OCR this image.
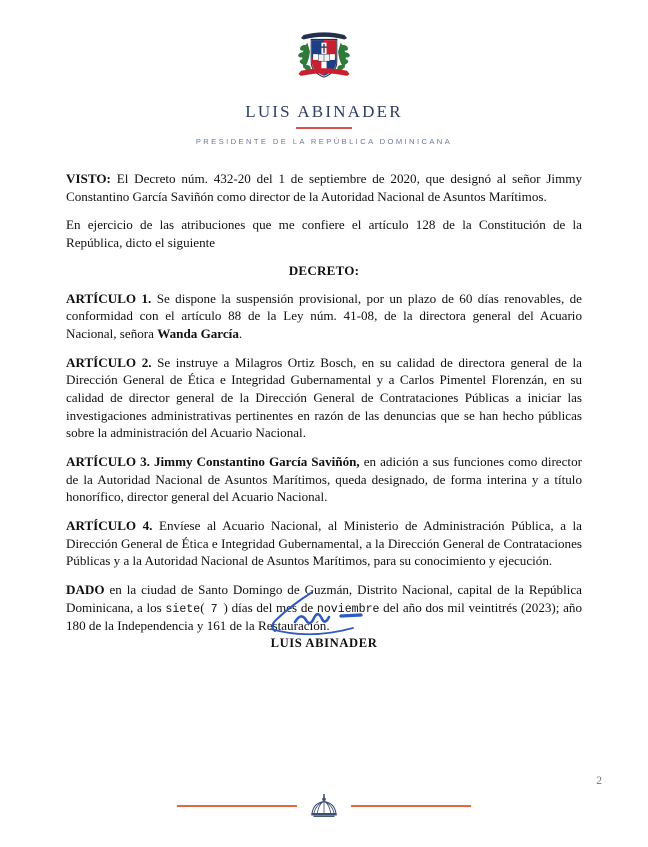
LUIS ABINADER
PRESIDENTE DE LA REPÚBLICA DOMINICANA

VISTO: El Decreto núm. 432-20 del 1 de septiembre de 2020, que designó al señor Jimmy Constantino García Saviñón como director de la Autoridad Nacional de Asuntos Marítimos.

En ejercicio de las atribuciones que me confiere el artículo 128 de la Constitución de la República, dicto el siguiente

DECRETO:

ARTÍCULO 1. Se dispone la suspensión provisional, por un plazo de 60 días renovables, de conformidad con el artículo 88 de la Ley núm. 41-08, de la directora general del Acuario Nacional, señora Wanda García.

ARTÍCULO 2. Se instruye a Milagros Ortiz Bosch, en su calidad de directora general de la Dirección General de Ética e Integridad Gubernamental y a Carlos Pimentel Florenzán, en su calidad de director general de la Dirección General de Contrataciones Públicas a iniciar las investigaciones administrativas pertinentes en razón de las denuncias que se han hecho públicas sobre la administración del Acuario Nacional.

ARTÍCULO 3. Jimmy Constantino García Saviñón, en adición a sus funciones como director de la Autoridad Nacional de Asuntos Marítimos, queda designado, de forma interina y a título honorífico, director general del Acuario Nacional.

ARTÍCULO 4. Envíese al Acuario Nacional, al Ministerio de Administración Pública, a la Dirección General de Ética e Integridad Gubernamental, a la Dirección General de Contrataciones Públicas y a la Autoridad Nacional de Asuntos Marítimos, para su conocimiento y ejecución.

DADO en la ciudad de Santo Domingo de Guzmán, Distrito Nacional, capital de la República Dominicana, a los siete( 7 ) días del mes de noviembre del año dos mil veintitrés (2023); año 180 de la Independencia y 161 de la Restauración.

LUIS ABINADER
2
